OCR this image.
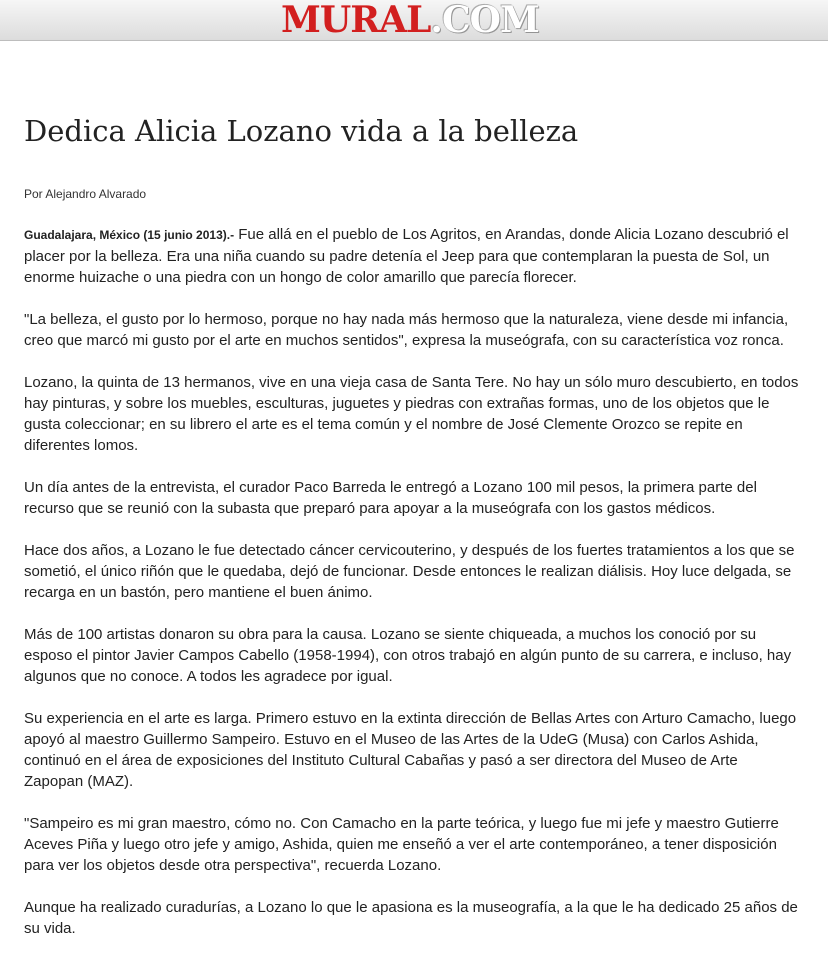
MURAL.COM
Dedica Alicia Lozano vida a la belleza
Por Alejandro Alvarado

Guadalajara, México (15 junio 2013).- Fue allá en el pueblo de Los Agritos, en Arandas, donde Alicia Lozano descubrió el placer por la belleza. Era una niña cuando su padre detenía el Jeep para que contemplaran la puesta de Sol, un enorme huizache o una piedra con un hongo de color amarillo que parecía florecer.

"La belleza, el gusto por lo hermoso, porque no hay nada más hermoso que la naturaleza, viene desde mi infancia, creo que marcó mi gusto por el arte en muchos sentidos", expresa la museógrafa, con su característica voz ronca.

Lozano, la quinta de 13 hermanos, vive en una vieja casa de Santa Tere. No hay un sólo muro descubierto, en todos hay pinturas, y sobre los muebles, esculturas, juguetes y piedras con extrañas formas, uno de los objetos que le gusta coleccionar; en su librero el arte es el tema común y el nombre de José Clemente Orozco se repite en diferentes lomos.

Un día antes de la entrevista, el curador Paco Barreda le entregó a Lozano 100 mil pesos, la primera parte del recurso que se reunió con la subasta que preparó para apoyar a la museógrafa con los gastos médicos.

Hace dos años, a Lozano le fue detectado cáncer cervicouterino, y después de los fuertes tratamientos a los que se sometió, el único riñón que le quedaba, dejó de funcionar. Desde entonces le realizan diálisis. Hoy luce delgada, se recarga en un bastón, pero mantiene el buen ánimo.

Más de 100 artistas donaron su obra para la causa. Lozano se siente chiqueada, a muchos los conoció por su esposo el pintor Javier Campos Cabello (1958-1994), con otros trabajó en algún punto de su carrera, e incluso, hay algunos que no conoce. A todos les agradece por igual.

Su experiencia en el arte es larga. Primero estuvo en la extinta dirección de Bellas Artes con Arturo Camacho, luego apoyó al maestro Guillermo Sampeiro. Estuvo en el Museo de las Artes de la UdeG (Musa) con Carlos Ashida, continuó en el área de exposiciones del Instituto Cultural Cabañas y pasó a ser directora del Museo de Arte Zapopan (MAZ).

"Sampeiro es mi gran maestro, cómo no. Con Camacho en la parte teórica, y luego fue mi jefe y maestro Gutierre Aceves Piña y luego otro jefe y amigo, Ashida, quien me enseñó a ver el arte contemporáneo, a tener disposición para ver los objetos desde otra perspectiva", recuerda Lozano.

Aunque ha realizado curadurías, a Lozano lo que le apasiona es la museografía, a la que le ha dedicado 25 años de su vida.
